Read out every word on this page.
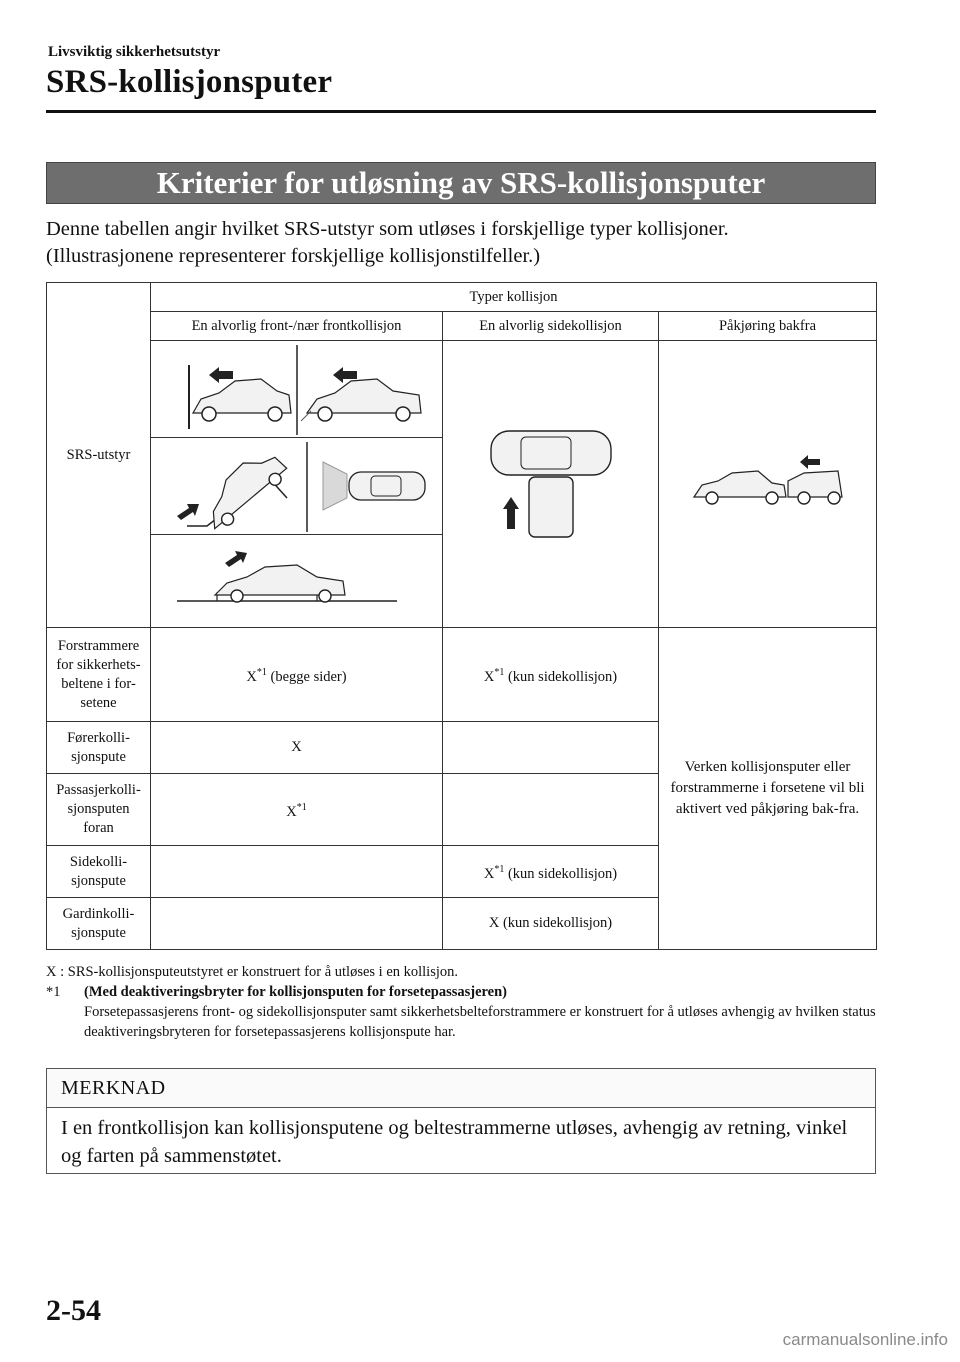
Livsviktig sikkerhetsutstyr
SRS-kollisjonsputer
Kriterier for utløsning av SRS-kollisjonsputer

Denne tabellen angir hvilket SRS-utstyr som utløses i forskjellige typer kollisjoner.

(Illustrasjonene representerer forskjellige kollisjonstilfeller.)

SRS-utstyr	Typer kollisjon		
	En alvorlig front-/nær frontkollisjon	En alvorlig sidekollisjon	Påkjøring bakfra

Forstrammere for sikkerhets-beltene i for-setene	$X^{*1}$ (begge sider)	$X^{*1}$ (kun sidekollisjon)	Verken kollisjonsputer eller forstrammerne i forsetene vil bli aktivert ved påkjøring bak-fra.
Førerkolli-sjonspute	X		
Passasjerkolli-sjonsputen foran	$X^{*1}$	
Sidekolli-sjonspute		$X^{*1}$ (kun sidekollisjon)	
Gardinkolli-sjonspute		X (kun sidekollisjon)	

X : SRS-kollisjonsputeutstyret er konstruert for å utløses i en kollisjon.

*1	(Med deaktiveringsbryter for kollisjonsputen for forsetepassasjeren)
Forsetepassasjerens front- og sidekollisjonsputer samt sikkerhetsbelteforstrammere er konstruert for å utløses avhengig av hvilken status deaktiveringsbryteren for forsetepassasjerens kollisjonspute har.
MERKNAD
I en frontkollisjon kan kollisjonsputene og beltestrammerne utløses, avhengig av retning, vinkel og farten på sammenstøtet.
2-54
carmanualsonline.info
